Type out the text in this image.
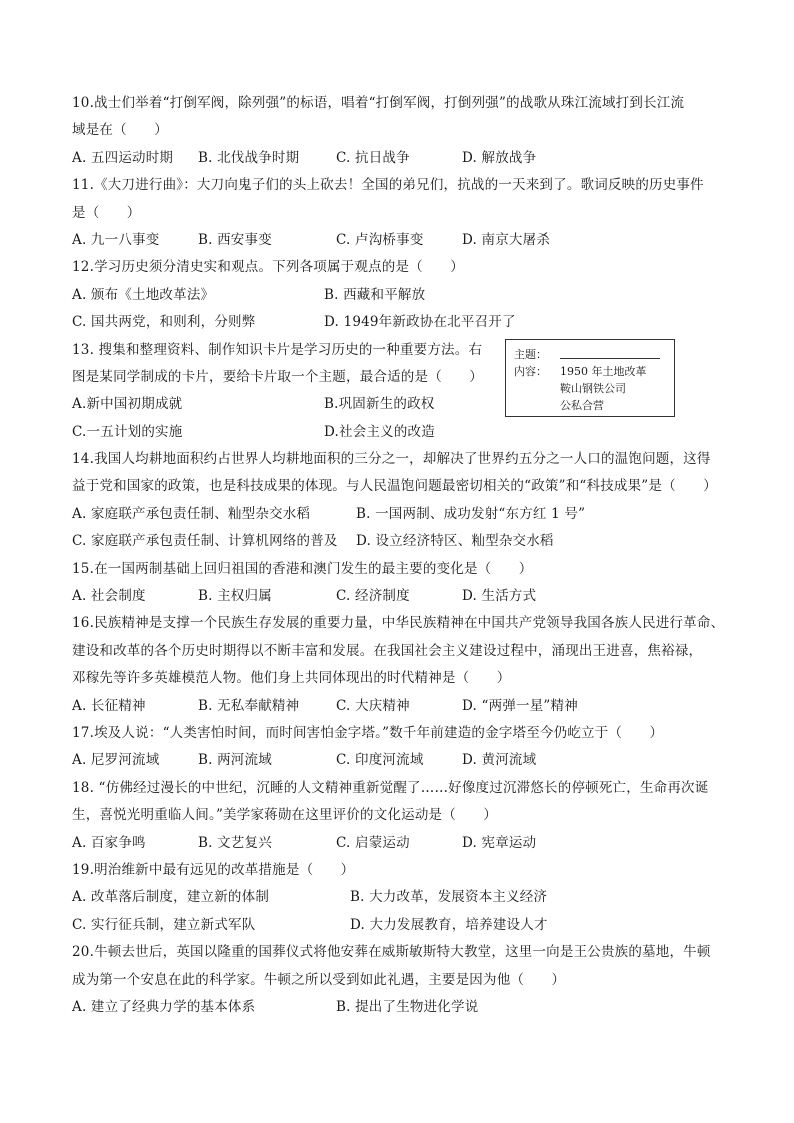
10.战士们举着“打倒军阀，除列强”的标语，唱着“打倒军阀，打倒列强”的战歌从珠江流域打到长江流
域是在（　　）
A. 五四运动时期	B. 北伐战争时期	C. 抗日战争	D. 解放战争
11.《大刀进行曲》：大刀向鬼子们的头上砍去！全国的弟兄们，抗战的一天来到了。歌词反映的历史事件
是（　　）
A. 九一八事变	B. 西安事变	C. 卢沟桥事变	D. 南京大屠杀
12.学习历史须分清史实和观点。下列各项属于观点的是（　　）
A. 颁布《土地改革法》	B. 西藏和平解放
C. 国共两党，和则利，分则弊	D. 1949年新政协在北平召开了
13. 搜集和整理资料、制作知识卡片是学习历史的一种重要方法。右
图是某同学制成的卡片，要给卡片取一个主题，最合适的是（　　）
A.新中国初期成就	B.巩固新生的政权
C.一五计划的实施	D.社会主义的改造
主题：
内容：	1950 年土地改革
鞍山钢铁公司
公私合营
14.我国人均耕地面积约占世界人均耕地面积的三分之一，却解决了世界约五分之一人口的温饱问题，这得
益于党和国家的政策，也是科技成果的体现。与人民温饱问题最密切相关的“政策”和“科技成果”是（　　）
A. 家庭联产承包责任制、籼型杂交水稻	B. 一国两制、成功发射“东方红 1 号”
C. 家庭联产承包责任制、计算机网络的普及	D. 设立经济特区、籼型杂交水稻
15.在一国两制基础上回归祖国的香港和澳门发生的最主要的变化是（　　）
A. 社会制度	B. 主权归属	C. 经济制度	D. 生活方式
16.民族精神是支撑一个民族生存发展的重要力量，中华民族精神在中国共产党领导我国各族人民进行革命、
建设和改革的各个历史时期得以不断丰富和发展。在我国社会主义建设过程中，涌现出王进喜，焦裕禄，
邓稼先等许多英雄模范人物。他们身上共同体现出的时代精神是（　　）
A. 长征精神	B. 无私奉献精神	C. 大庆精神	D. “两弹一星”精神
17.埃及人说：“人类害怕时间，而时间害怕金字塔。”数千年前建造的金字塔至今仍屹立于（　　）
A. 尼罗河流域	B. 两河流域	C. 印度河流域	D. 黄河流域
18. “仿佛经过漫长的中世纪，沉睡的人文精神重新觉醒了……好像度过沉滞悠长的停顿死亡，生命再次诞
生，喜悦光明重临人间。”美学家蒋勋在这里评价的文化运动是（　　）
A. 百家争鸣	B. 文艺复兴	C. 启蒙运动	D. 宪章运动
19.明治维新中最有远见的改革措施是（　　）
A. 改革落后制度，建立新的体制	B. 大力改革，发展资本主义经济
C. 实行征兵制，建立新式军队	D. 大力发展教育，培养建设人才
20.牛顿去世后，英国以隆重的国葬仪式将他安葬在威斯敏斯特大教堂，这里一向是王公贵族的墓地，牛顿
成为第一个安息在此的科学家。牛顿之所以受到如此礼遇，主要是因为他（　　）
A. 建立了经典力学的基本体系	B. 提出了生物进化学说
